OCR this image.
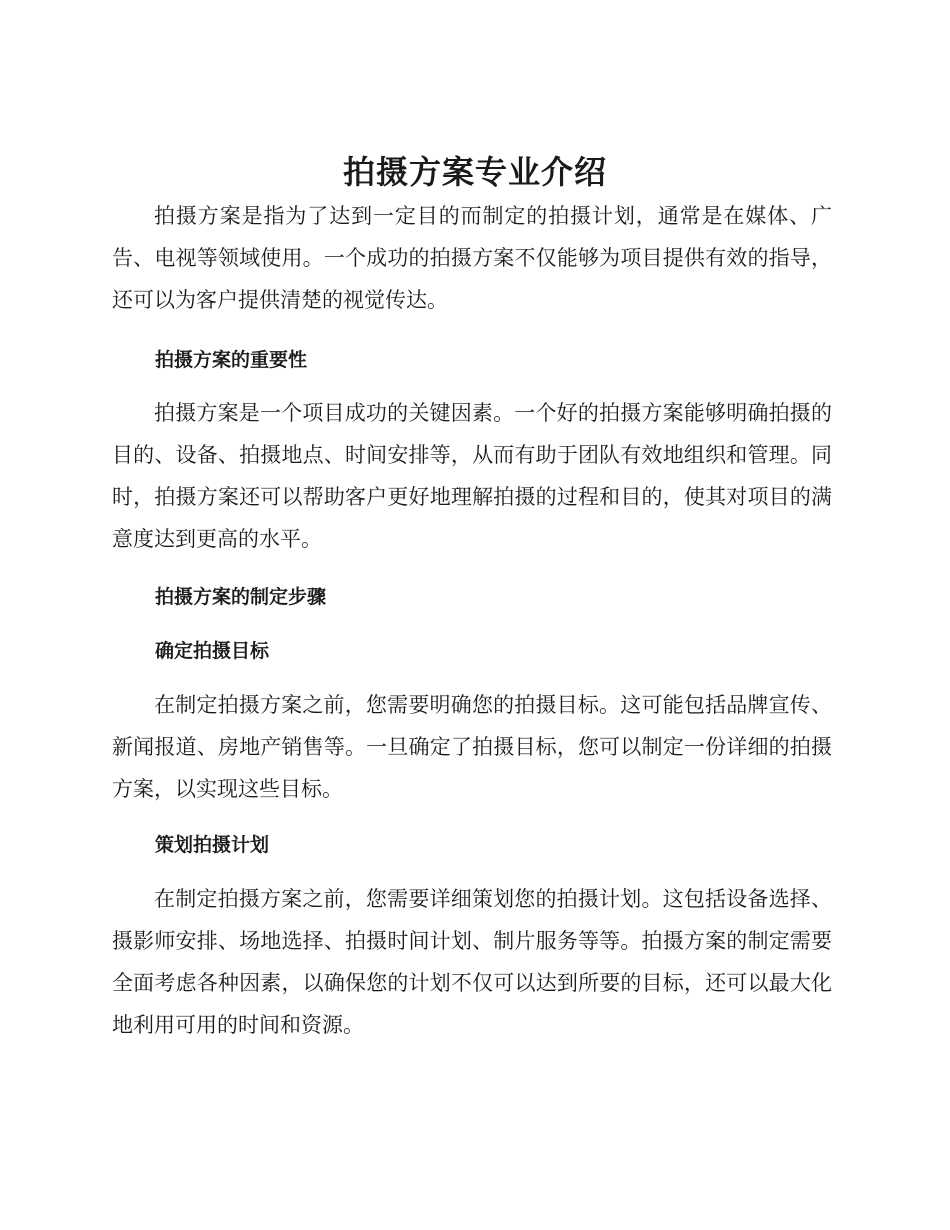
拍摄方案专业介绍

拍摄方案是指为了达到一定目的而制定的拍摄计划，通常是在媒体、广告、电视等领域使用。一个成功的拍摄方案不仅能够为项目提供有效的指导，还可以为客户提供清楚的视觉传达。

拍摄方案的重要性

拍摄方案是一个项目成功的关键因素。一个好的拍摄方案能够明确拍摄的目的、设备、拍摄地点、时间安排等，从而有助于团队有效地组织和管理。同时，拍摄方案还可以帮助客户更好地理解拍摄的过程和目的，使其对项目的满意度达到更高的水平。

拍摄方案的制定步骤
确定拍摄目标

在制定拍摄方案之前，您需要明确您的拍摄目标。这可能包括品牌宣传、新闻报道、房地产销售等。一旦确定了拍摄目标，您可以制定一份详细的拍摄方案，以实现这些目标。

策划拍摄计划

在制定拍摄方案之前，您需要详细策划您的拍摄计划。这包括设备选择、摄影师安排、场地选择、拍摄时间计划、制片服务等等。拍摄方案的制定需要全面考虑各种因素，以确保您的计划不仅可以达到所要的目标，还可以最大化地利用可用的时间和资源。
